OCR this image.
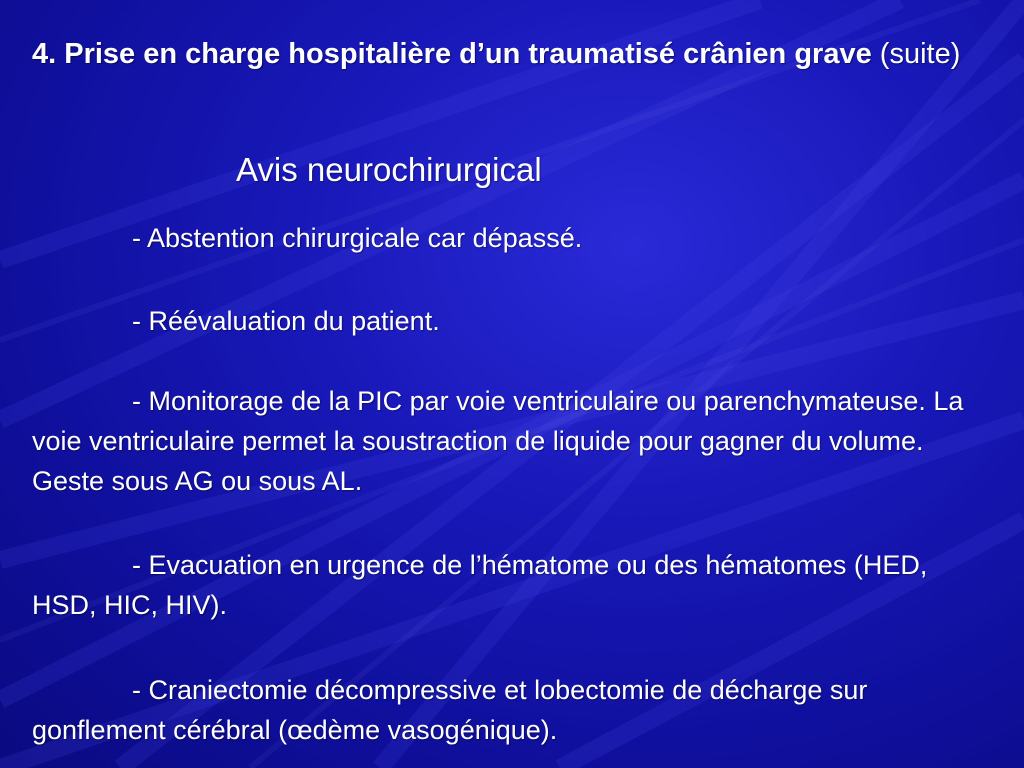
4. Prise en charge hospitalière d’un traumatisé crânien grave (suite)
Avis neurochirurgical
- Abstention chirurgicale car dépassé.
- Réévaluation du patient.
- Monitorage de la PIC par voie ventriculaire ou parenchymateuse. La voie ventriculaire permet la soustraction de liquide pour gagner du volume. Geste sous AG ou sous AL.
- Evacuation en urgence de l’hématome ou des hématomes (HED, HSD, HIC, HIV).
- Craniectomie décompressive et lobectomie de décharge sur gonflement cérébral (œdème vasogénique).
